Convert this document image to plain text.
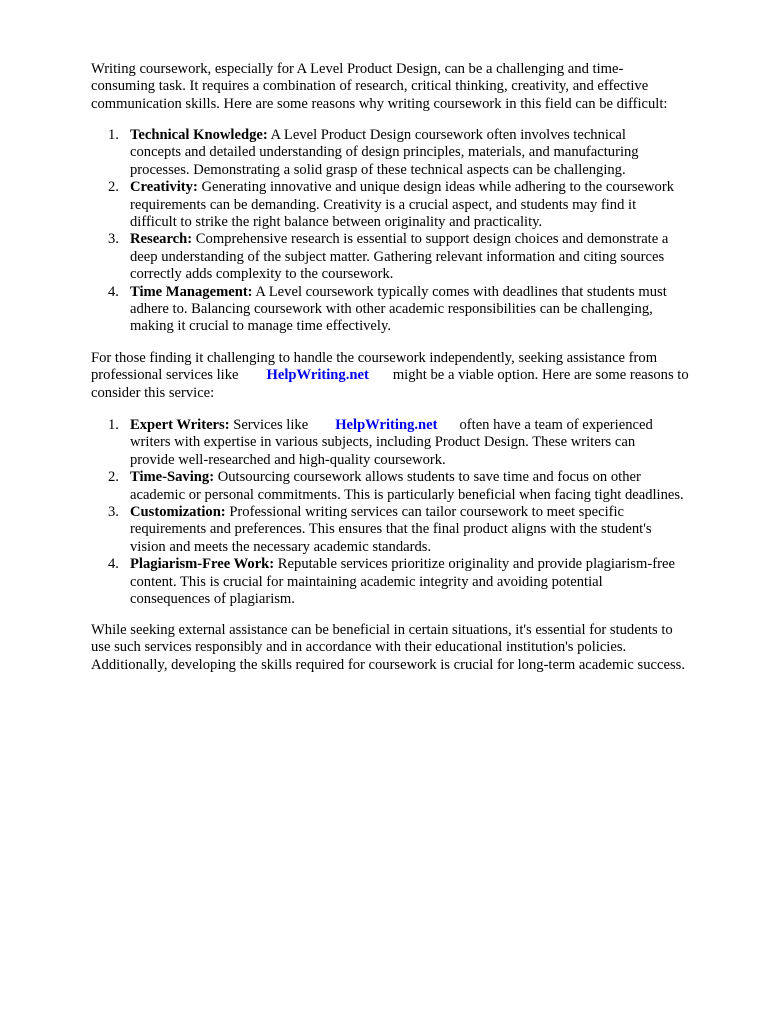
Writing coursework, especially for A Level Product Design, can be a challenging and time-
consuming task. It requires a combination of research, critical thinking, creativity, and effective
communication skills. Here are some reasons why writing coursework in this field can be difficult:

1. Technical Knowledge: A Level Product Design coursework often involves technical
concepts and detailed understanding of design principles, materials, and manufacturing
processes. Demonstrating a solid grasp of these technical aspects can be challenging.
2. Creativity: Generating innovative and unique design ideas while adhering to the coursework
requirements can be demanding. Creativity is a crucial aspect, and students may find it
difficult to strike the right balance between originality and practicality.
3. Research: Comprehensive research is essential to support design choices and demonstrate a
deep understanding of the subject matter. Gathering relevant information and citing sources
correctly adds complexity to the coursework.
4. Time Management: A Level coursework typically comes with deadlines that students must
adhere to. Balancing coursework with other academic responsibilities can be challenging,
making it crucial to manage time effectively.

For those finding it challenging to handle the coursework independently, seeking assistance from
professional services like HelpWriting.net might be a viable option. Here are some reasons to
consider this service:

1. Expert Writers: Services like HelpWriting.net often have a team of experienced
writers with expertise in various subjects, including Product Design. These writers can
provide well-researched and high-quality coursework.
2. Time-Saving: Outsourcing coursework allows students to save time and focus on other
academic or personal commitments. This is particularly beneficial when facing tight deadlines.
3. Customization: Professional writing services can tailor coursework to meet specific
requirements and preferences. This ensures that the final product aligns with the student's
vision and meets the necessary academic standards.
4. Plagiarism-Free Work: Reputable services prioritize originality and provide plagiarism-free
content. This is crucial for maintaining academic integrity and avoiding potential
consequences of plagiarism.

While seeking external assistance can be beneficial in certain situations, it's essential for students to
use such services responsibly and in accordance with their educational institution's policies.
Additionally, developing the skills required for coursework is crucial for long-term academic success.
